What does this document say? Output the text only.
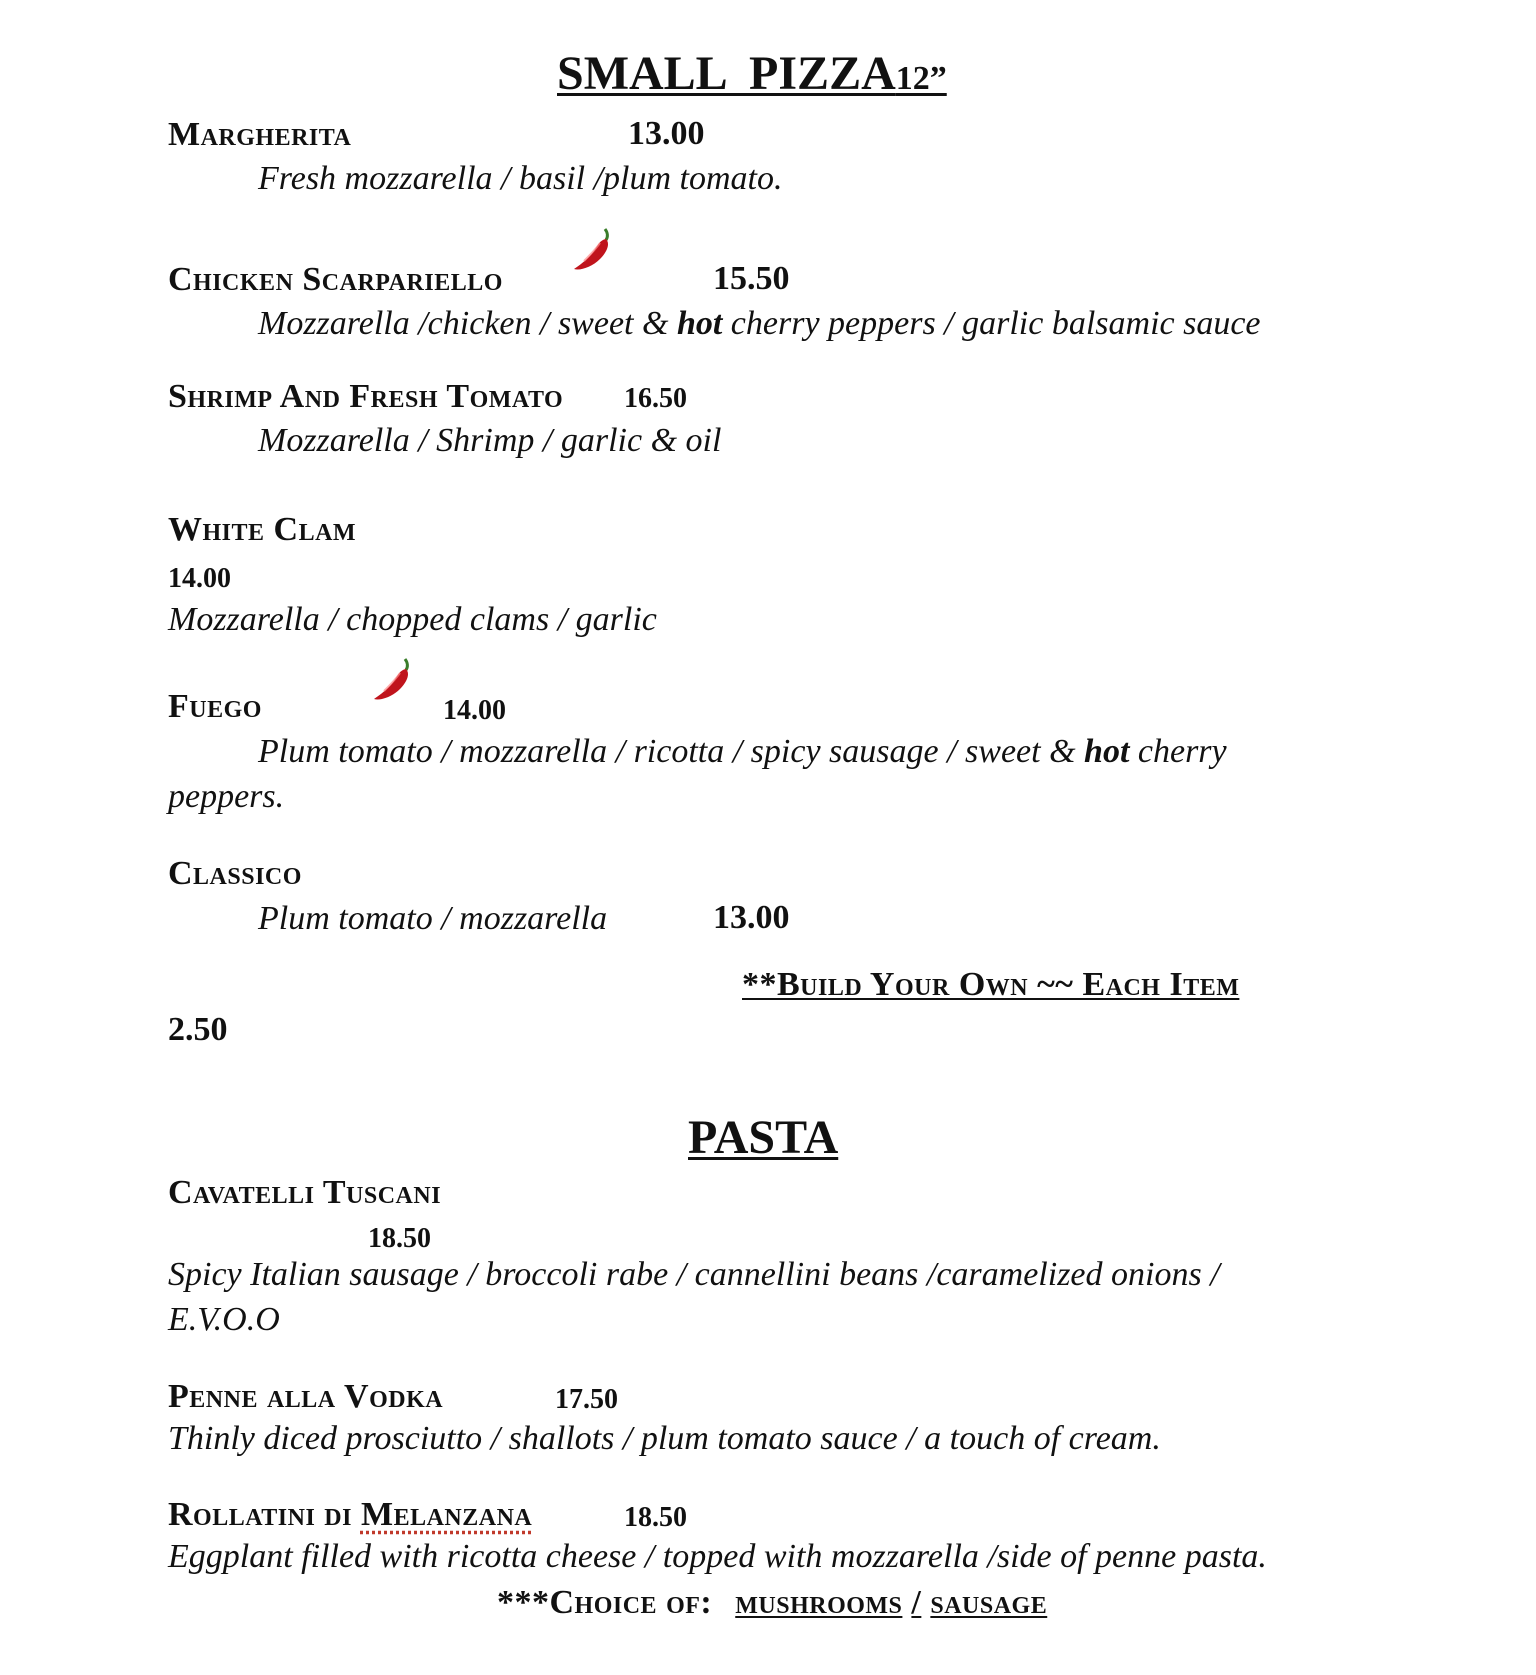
SMALL  PIZZA12”
Margherita	13.00
Fresh mozzarella / basil /plum tomato.
Chicken Scarpariello	15.50
Mozzarella /chicken / sweet & hot cherry peppers / garlic balsamic sauce
Shrimp And Fresh Tomato 16.50
Mozzarella / Shrimp / garlic & oil
White Clam
14.00
Mozzarella / chopped clams / garlic
Fuego	14.00
Plum tomato / mozzarella / ricotta / spicy sausage / sweet & hot cherry
peppers.
Classico
Plum tomato / mozzarella	13.00
**Build Your Own ~~ Each Item
2.50
PASTA
Cavatelli Tuscani
18.50
Spicy Italian sausage / broccoli rabe / cannellini beans /caramelized onions /
E.V.O.O
Penne alla Vodka	17.50
Thinly diced prosciutto / shallots / plum tomato sauce / a touch of cream.
Rollatini di Melanzana	18.50
Eggplant filled with ricotta cheese / topped with mozzarella /side of penne pasta.
***Choice of: mushrooms / sausage
